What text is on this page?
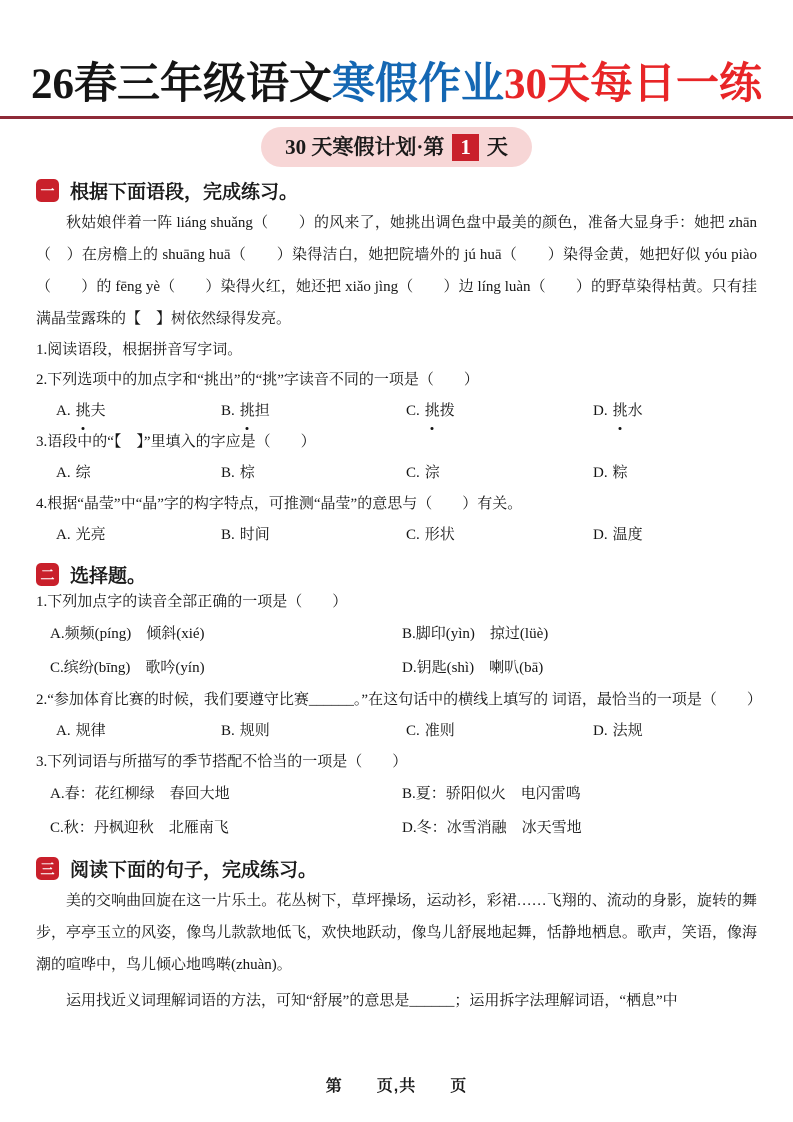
26春三年级语文寒假作业30天每日一练
30 天寒假计划·第 1 天
一 根据下面语段，完成练习。

秋姑娘伴着一阵 liáng shuǎng（　　）的风来了，她挑出调色盘中最美的颜色，准备大显身手：她把 zhān（　）在房檐上的 shuāng huā（　　）染得洁白，她把院墙外的 jú huā（　　）染得金黄，她把好似 yóu piào（　　）的 fēng yè（　　）染得火红，她还把 xiǎo jìng（　　）边 líng luàn（　　）的野草染得枯黄。只有挂满晶莹露珠的【　】树依然绿得发亮。

1.阅读语段，根据拼音写字词。

2.下列选项中的加点字和“挑出”的“挑”字读音不同的一项是（　　）

A. 挑夫	B. 挑担	C. 挑拨	D. 挑水

3.语段中的“【　】”里填入的字应是（　　）

A. 综	B. 棕	C. 淙	D. 粽

4.根据“晶莹”中“晶”字的构字特点，可推测“晶莹”的意思与（　　）有关。

A. 光亮	B. 时间	C. 形状	D. 温度
二 选择题。

1.下列加点字的读音全部正确的一项是（　　）

A.频频(píng)　倾斜(xié)	B.脚印(yìn)　掠过(lüè)
C.缤纷(bīng)　歌吟(yín)	D.钥匙(shì)　喇叭(bā)

2.“参加体育比赛的时候，我们要遵守比赛______。”在这句话中的横线上填写的 词语，最恰当的一项是（　　）

A. 规律	B. 规则	C. 准则	D. 法规

3.下列词语与所描写的季节搭配不恰当的一项是（　　）

A.春：花红柳绿　春回大地	B.夏：骄阳似火　电闪雷鸣
C.秋：丹枫迎秋　北雁南飞	D.冬：冰雪消融　冰天雪地
三 阅读下面的句子，完成练习。

美的交响曲回旋在这一片乐土。花丛树下，草坪操场，运动衫，彩裙……飞翔的、流动的身影，旋转的舞步，亭亭玉立的风姿，像鸟儿款款地低飞，欢快地跃动，像鸟儿舒展地起舞，恬静地栖息。歌声，笑语，像海潮的喧哗中，鸟儿倾心地鸣啭(zhuàn)。

运用找近义词理解词语的方法，可知“舒展”的意思是______；运用拆字法理解词语，“栖息”中

第　　页,共　　页
